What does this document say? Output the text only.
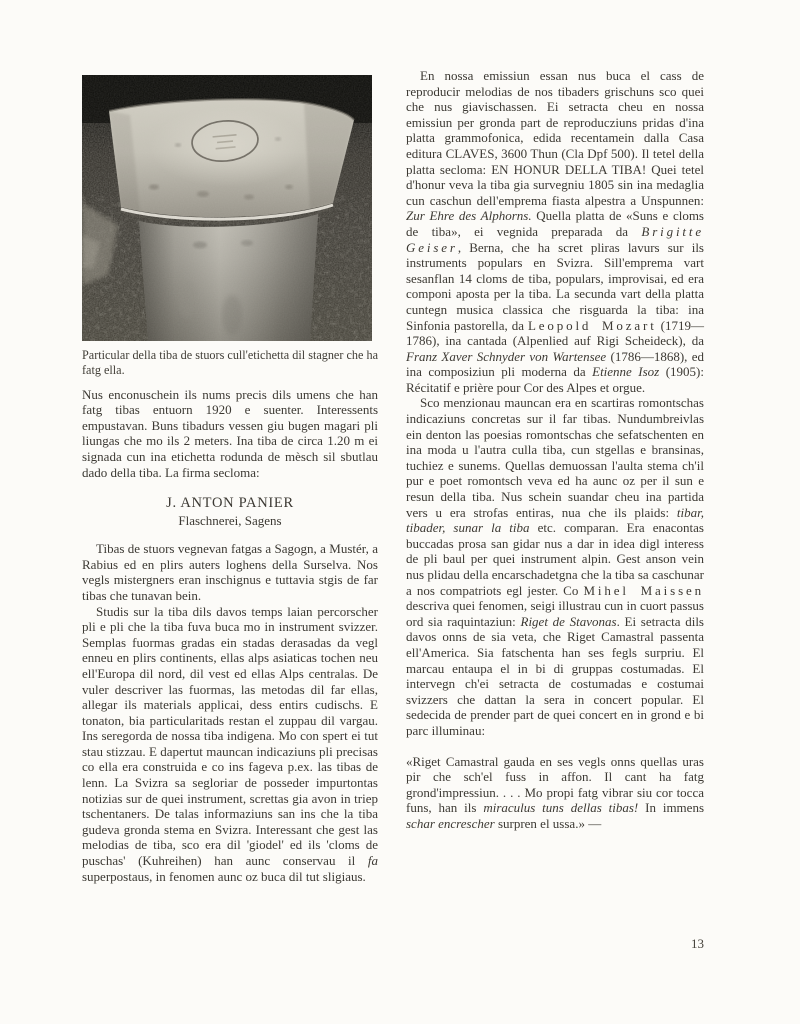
Particular della tiba de stuors cull'etichetta dil stagner che ha fatg ella.

Nus enconuschein ils nums precis dils umens che han fatg tibas entuorn 1920 e suenter. Interessents empustavan. Buns tibadurs vessen giu bugen magari pli liungas che mo ils 2 meters. Ina tiba de circa 1.20 m ei signada cun ina etichetta rodunda de mèsch sil sbutlau dado della tiba. La firma secloma:

J. ANTON PANIER
Flaschnerei, Sagens

Tibas de stuors vegnevan fatgas a Sagogn, a Mustér, a Rabius ed en plirs auters loghens della Surselva. Nos vegls mistergners eran inschignus e tuttavia stgis de far tibas che tunavan bein.

Studis sur la tiba dils davos temps laian percorscher pli e pli che la tiba fuva buca mo in instrument svizzer. Semplas fuormas gradas ein stadas derasadas da vegl enneu en plirs continents, ellas alps asiaticas tochen neu ell'Europa dil nord, dil vest ed ellas Alps centralas. De vuler descriver las fuormas, las metodas dil far ellas, allegar ils materials applicai, dess entirs cudischs. E tonaton, bia particularitads restan el zuppau dil vargau. Ins seregorda de nossa tiba indigena. Mo con spert ei tut stau stizzau. E dapertut mauncan indicaziuns pli precisas co ella era construida e co ins fageva p.ex. las tibas de lenn. La Svizra sa segloriar de posseder impurtontas notizias sur de quei instrument, screttas gia avon in triep tschentaners. De talas informaziuns san ins che la tiba gudeva gronda stema en Svizra. Interessant che gest las melodias de tiba, sco era dil 'giodel' ed ils 'cloms de puschas' (Kuhreihen) han aunc conservau il fa superpostaus, in fenomen aunc oz buca dil tut sligiaus.

En nossa emissiun essan nus buca el cass de reproducir melodias de nos tibaders grischuns sco quei che nus giavischassen. Ei setracta cheu en nossa emissiun per gronda part de reproducziuns pridas d'ina platta grammofonica, edida recentamein dalla Casa editura CLAVES, 3600 Thun (Cla Dpf 500). Il tetel della platta secloma: EN HONUR DELLA TIBA! Quei tetel d'honur veva la tiba gia survegniu 1805 sin ina medaglia cun caschun dell'emprema fiasta alpestra a Unspunnen: Zur Ehre des Alphorns. Quella platta de «Suns e cloms de tiba», ei vegnida preparada da Brigitte Geiser, Berna, che ha scret pliras lavurs sur ils instruments populars en Svizra. Sill'emprema vart sesanflan 14 cloms de tiba, populars, improvisai, ed era componi aposta per la tiba. La secunda vart della platta cuntegn musica classica che risguarda la tiba: ina Sinfonia pastorella, da Leopold Mozart (1719—1786), ina cantada (Alpenlied auf Rigi Scheideck), da Franz Xaver Schnyder von Wartensee (1786—1868), ed ina composiziun pli moderna da Etienne Isoz (1905): Récitatif e prière pour Cor des Alpes et orgue.

Sco menzionau mauncan era en scartiras romontschas indicaziuns concretas sur il far tibas. Nundumbreivlas ein denton las poesias romontschas che sefatschenten en ina moda u l'autra culla tiba, cun stgellas e bransinas, tuchiez e sunems. Quellas demuossan l'aulta stema ch'il pur e poet romontsch veva ed ha aunc oz per il sun e resun della tiba. Nus schein suandar cheu ina partida vers u era strofas entiras, nua che ils plaids: tibar, tibader, sunar la tiba etc. comparan. Era enacontas buccadas prosa san gidar nus a dar in idea digl interess de pli baul per quei instrument alpin. Gest anson vein nus plidau della encarschadetgna che la tiba sa caschunar a nos compatriots egl jester. Co Mihel Maissen descriva quei fenomen, seigi illustrau cun in cuort passus ord sia raquintaziun: Riget de Stavonas. Ei setracta dils davos onns de sia veta, che Riget Camastral passenta ell'America. Sia fatschenta han ses fegls surpriu. El marcau entaupa el in bi di gruppas costumadas. El intervegn ch'ei setracta de costumadas e costumai svizzers che dattan la sera in concert popular. El sedecida de prender part de quei concert en in grond e bi parc illuminau:

«Riget Camastral gauda en ses vegls onns quellas uras pir che sch'el fuss in affon. Il cant ha fatg grond'impressiun. . . . Mo propi fatg vibrar siu cor tocca funs, han ils miraculus tuns dellas tibas! In immens schar encrescher surpren el ussa.» —

13
